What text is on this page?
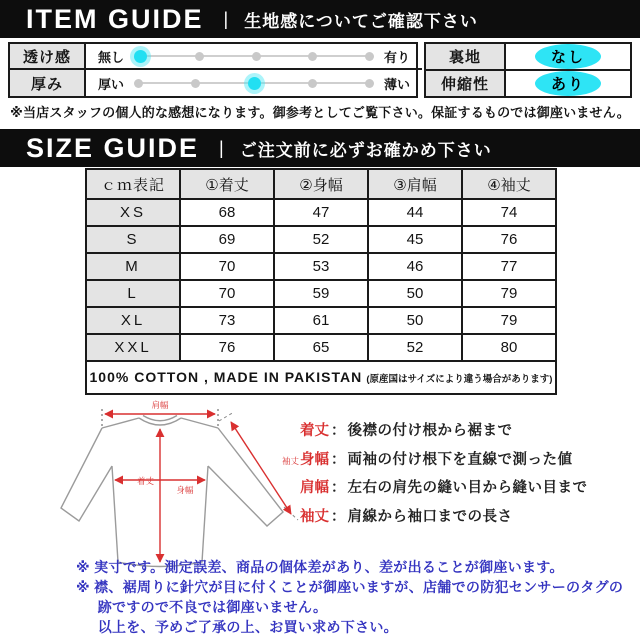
ITEM GUIDE | 生地感についてご確認下さい
透け感	無し	有り
厚み	厚い	薄い
裏地	なし
伸縮性	あり
※当店スタッフの個人的な感想になります。御参考としてご覧下さい。保証するものでは御座いません。
SIZE GUIDE | ご注文前に必ずお確かめ下さい
ｃｍ表記	①着丈	②身幅	③肩幅	④袖丈
XS	68	47	44	74
S	69	52	45	76
M	70	53	46	77
L	70	59	50	79
XL	73	61	50	79
XXL	76	65	52	80
100% COTTON , MADE IN PAKISTAN (原産国はサイズにより違う場合があります)				
肩幅
着丈
身幅
袖丈
着丈 ： 後襟の付け根から裾まで
身幅 ： 両袖の付け根下を直線で測った値
肩幅 ： 左右の肩先の縫い目から縫い目まで
袖丈 ： 肩線から袖口までの長さ
※ 実寸です。測定誤差、商品の個体差があり、差が出ることが御座います。
※ 襟、裾周りに針穴が目に付くことが御座いますが、店舗での防犯センサーのタグの跡ですので不良では御座いません。
以上を、予めご了承の上、お買い求め下さい。
